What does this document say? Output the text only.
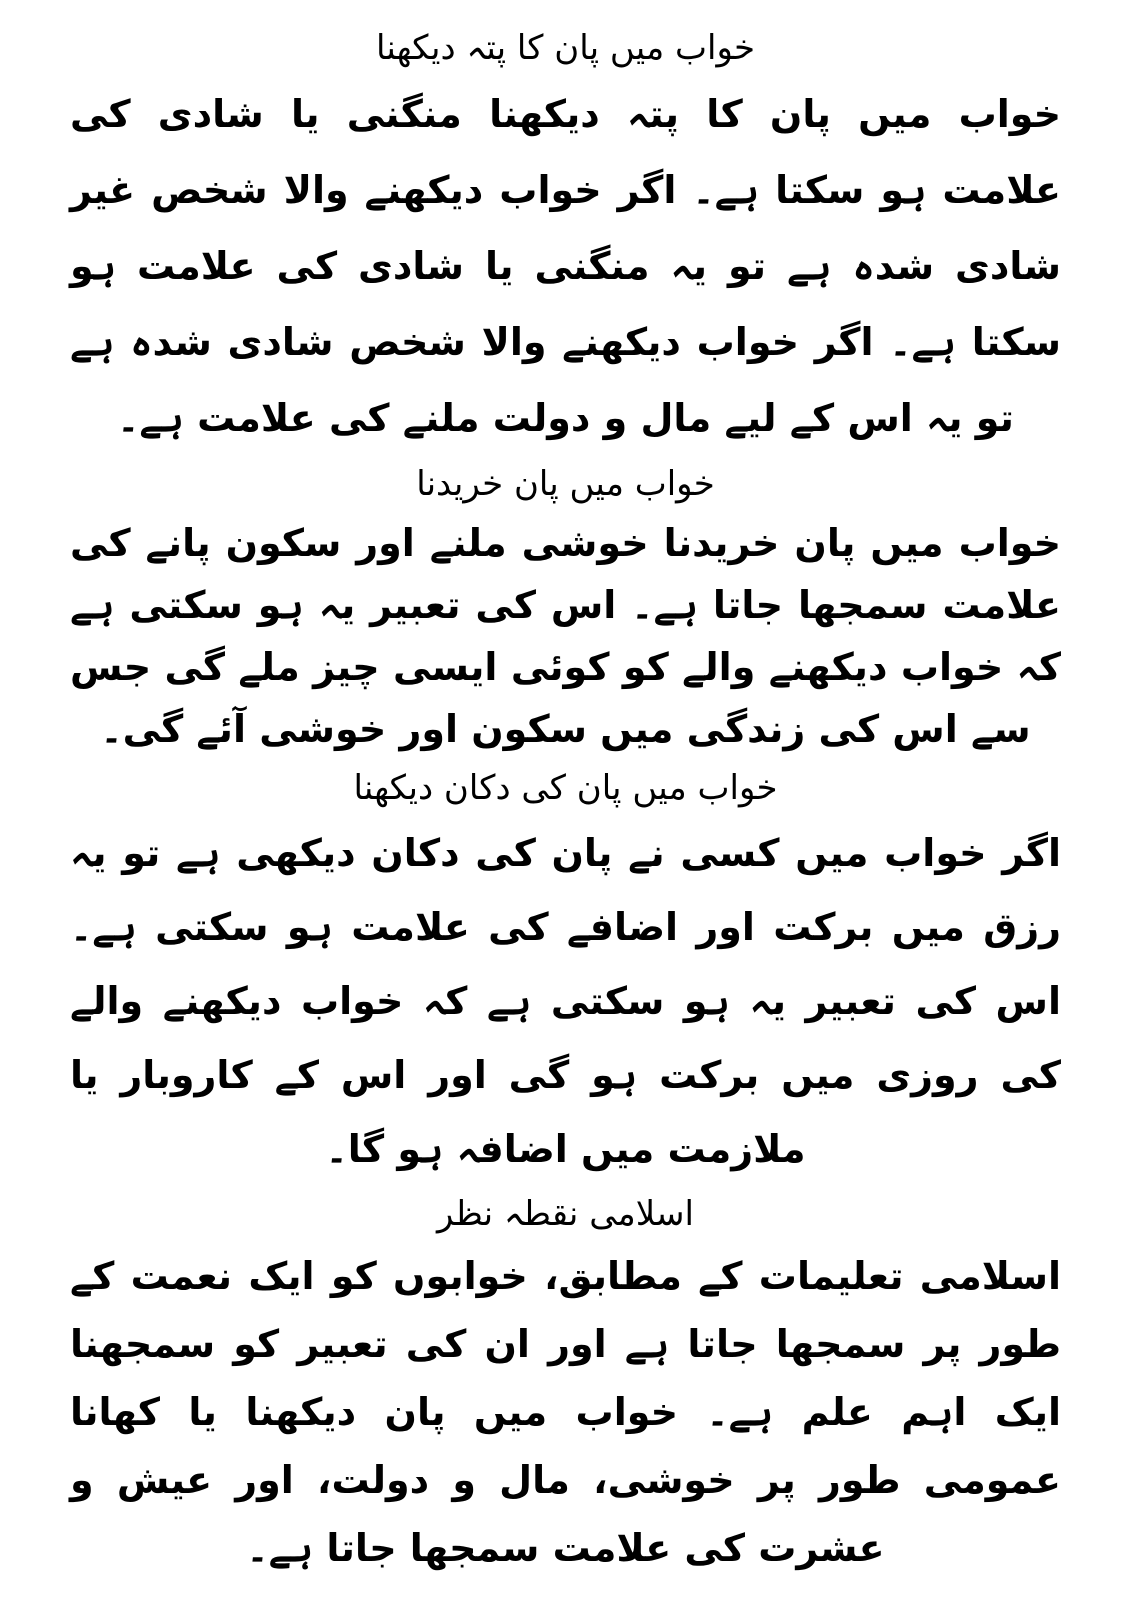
خواب میں پان کا پتہ دیکھنا

خواب میں پان کا پتہ دیکھنا منگنی یا شادی کی علامت ہو سکتا ہے۔ اگر خواب دیکھنے والا شخص غیر شادی شدہ ہے تو یہ منگنی یا شادی کی علامت ہو سکتا ہے۔ اگر خواب دیکھنے والا شخص شادی شدہ ہے تو یہ اس کے لیے مال و دولت ملنے کی علامت ہے۔

خواب میں پان خریدنا

خواب میں پان خریدنا خوشی ملنے اور سکون پانے کی علامت سمجھا جاتا ہے۔ اس کی تعبیر یہ ہو سکتی ہے کہ خواب دیکھنے والے کو کوئی ایسی چیز ملے گی جس سے اس کی زندگی میں سکون اور خوشی آئے گی۔

خواب میں پان کی دکان دیکھنا

اگر خواب میں کسی نے پان کی دکان دیکھی ہے تو یہ رزق میں برکت اور اضافے کی علامت ہو سکتی ہے۔ اس کی تعبیر یہ ہو سکتی ہے کہ خواب دیکھنے والے کی روزی میں برکت ہو گی اور اس کے کاروبار یا ملازمت میں اضافہ ہو گا۔

اسلامی نقطہ نظر

اسلامی تعلیمات کے مطابق، خوابوں کو ایک نعمت کے طور پر سمجھا جاتا ہے اور ان کی تعبیر کو سمجھنا ایک اہم علم ہے۔ خواب میں پان دیکھنا یا کھانا عمومی طور پر خوشی، مال و دولت، اور عیش و عشرت کی علامت سمجھا جاتا ہے۔
